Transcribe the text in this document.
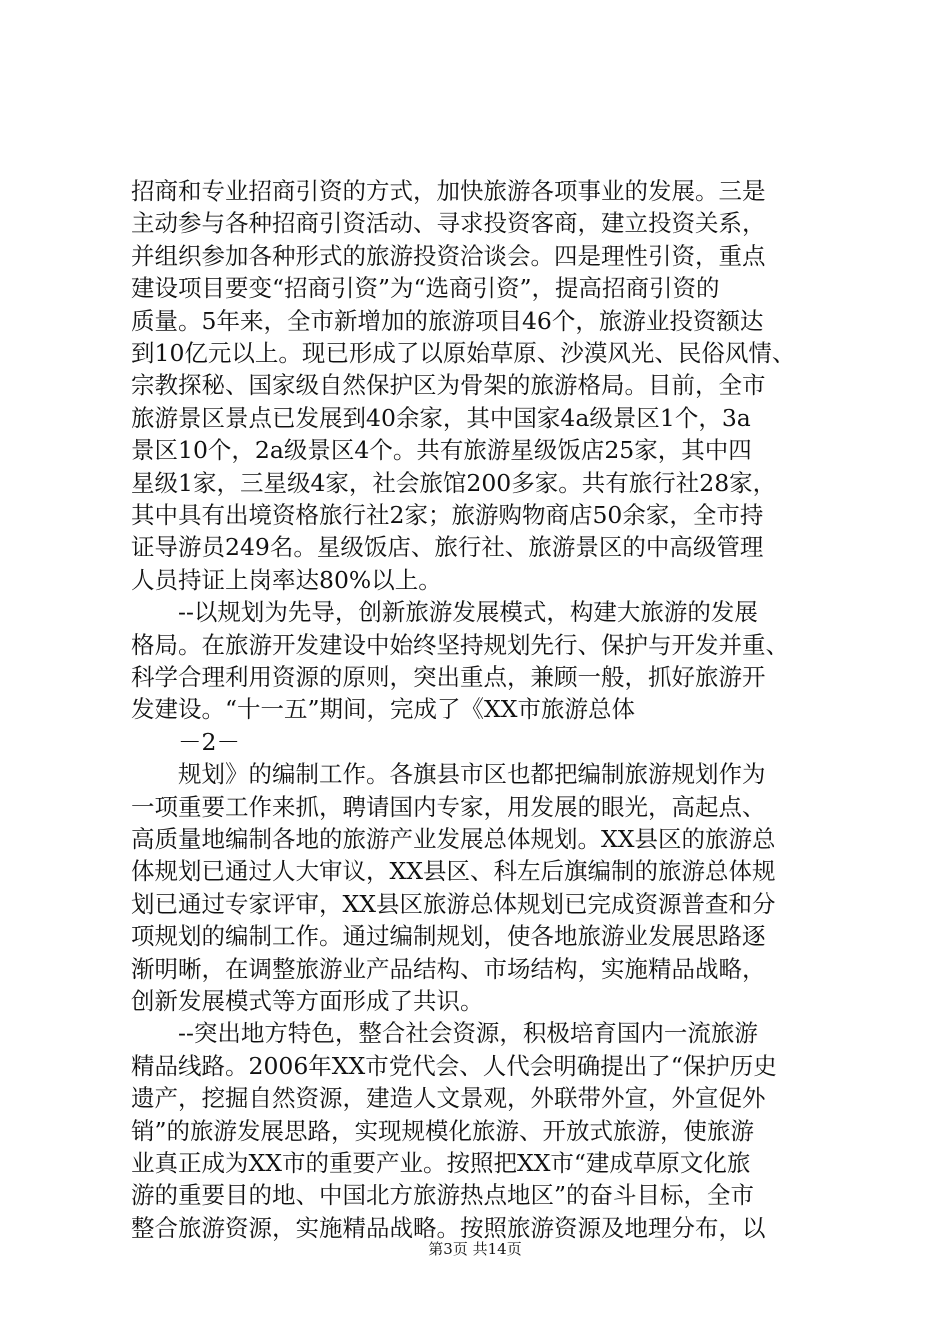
招商和专业招商引资的方式，加快旅游各项事业的发展。三是
主动参与各种招商引资活动、寻求投资客商，建立投资关系，
并组织参加各种形式的旅游投资洽谈会。四是理性引资，重点
建设项目要变“招商引资”为“选商引资”，提高招商引资的
质量。5年来，全市新增加的旅游项目46个，旅游业投资额达
到10亿元以上。现已形成了以原始草原、沙漠风光、民俗风情、
宗教探秘、国家级自然保护区为骨架的旅游格局。目前，全市
旅游景区景点已发展到40余家，其中国家4a级景区1个，3a
景区10个，2a级景区4个。共有旅游星级饭店25家，其中四
星级1家，三星级4家，社会旅馆200多家。共有旅行社28家，
其中具有出境资格旅行社2家；旅游购物商店50余家，全市持
证导游员249名。星级饭店、旅行社、旅游景区的中高级管理
人员持证上岗率达80%以上。
　　--以规划为先导，创新旅游发展模式，构建大旅游的发展
格局。在旅游开发建设中始终坚持规划先行、保护与开发并重、
科学合理利用资源的原则，突出重点，兼顾一般，抓好旅游开
发建设。“十一五”期间，完成了《XX市旅游总体
　　－2－
　　规划》的编制工作。各旗县市区也都把编制旅游规划作为
一项重要工作来抓，聘请国内专家，用发展的眼光，高起点、
高质量地编制各地的旅游产业发展总体规划。XX县区的旅游总
体规划已通过人大审议，XX县区、科左后旗编制的旅游总体规
划已通过专家评审，XX县区旅游总体规划已完成资源普查和分
项规划的编制工作。通过编制规划，使各地旅游业发展思路逐
渐明晰，在调整旅游业产品结构、市场结构，实施精品战略，
创新发展模式等方面形成了共识。
　　--突出地方特色，整合社会资源，积极培育国内一流旅游
精品线路。2006年XX市党代会、人代会明确提出了“保护历史
遗产，挖掘自然资源，建造人文景观，外联带外宣，外宣促外
销”的旅游发展思路，实现规模化旅游、开放式旅游，使旅游
业真正成为XX市的重要产业。按照把XX市“建成草原文化旅
游的重要目的地、中国北方旅游热点地区”的奋斗目标，全市
整合旅游资源，实施精品战略。按照旅游资源及地理分布，以
第3页 共14页
